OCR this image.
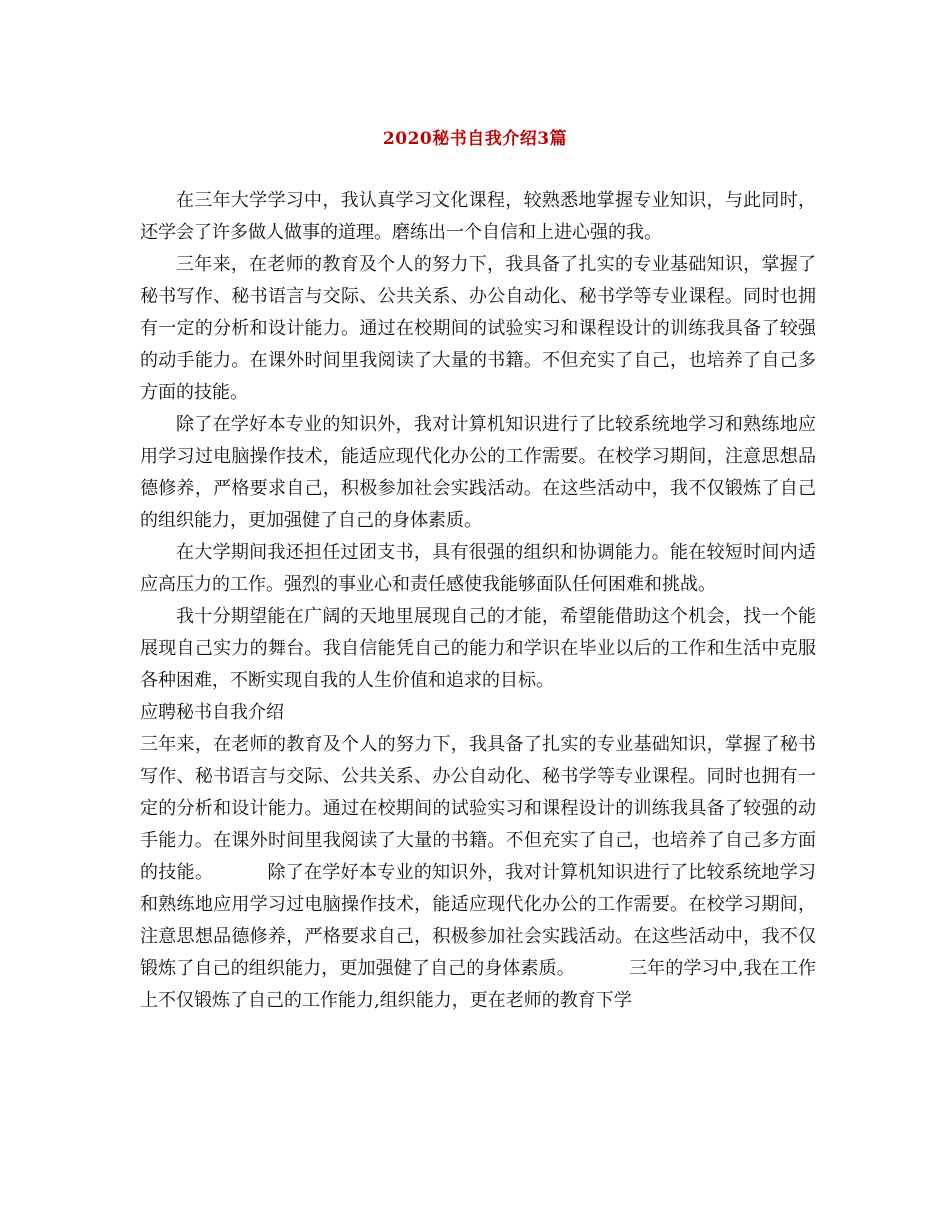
2020秘书自我介绍3篇

在三年大学学习中，我认真学习文化课程，较熟悉地掌握专业知识，与此同时，还学会了许多做人做事的道理。磨练出一个自信和上进心强的我。

三年来，在老师的教育及个人的努力下，我具备了扎实的专业基础知识，掌握了秘书写作、秘书语言与交际、公共关系、办公自动化、秘书学等专业课程。同时也拥有一定的分析和设计能力。通过在校期间的试验实习和课程设计的训练我具备了较强的动手能力。在课外时间里我阅读了大量的书籍。不但充实了自己，也培养了自己多方面的技能。

除了在学好本专业的知识外，我对计算机知识进行了比较系统地学习和熟练地应用学习过电脑操作技术，能适应现代化办公的工作需要。在校学习期间，注意思想品德修养，严格要求自己，积极参加社会实践活动。在这些活动中，我不仅锻炼了自己的组织能力，更加强健了自己的身体素质。

在大学期间我还担任过团支书，具有很强的组织和协调能力。能在较短时间内适应高压力的工作。强烈的事业心和责任感使我能够面队任何困难和挑战。

我十分期望能在广阔的天地里展现自己的才能，希望能借助这个机会，找一个能展现自己实力的舞台。我自信能凭自己的能力和学识在毕业以后的工作和生活中克服各种困难，不断实现自我的人生价值和追求的目标。

应聘秘书自我介绍

三年来，在老师的教育及个人的努力下，我具备了扎实的专业基础知识，掌握了秘书写作、秘书语言与交际、公共关系、办公自动化、秘书学等专业课程。同时也拥有一定的分析和设计能力。通过在校期间的试验实习和课程设计的训练我具备了较强的动手能力。在课外时间里我阅读了大量的书籍。不但充实了自己，也培养了自己多方面的技能。	除了在学好本专业的知识外，我对计算机知识进行了比较系统地学习和熟练地应用学习过电脑操作技术，能适应现代化办公的工作需要。在校学习期间，注意思想品德修养，严格要求自己，积极参加社会实践活动。在这些活动中，我不仅锻炼了自己的组织能力，更加强健了自己的身体素质。	三年的学习中,我在工作上不仅锻炼了自己的工作能力,组织能力，更在老师的教育下学
